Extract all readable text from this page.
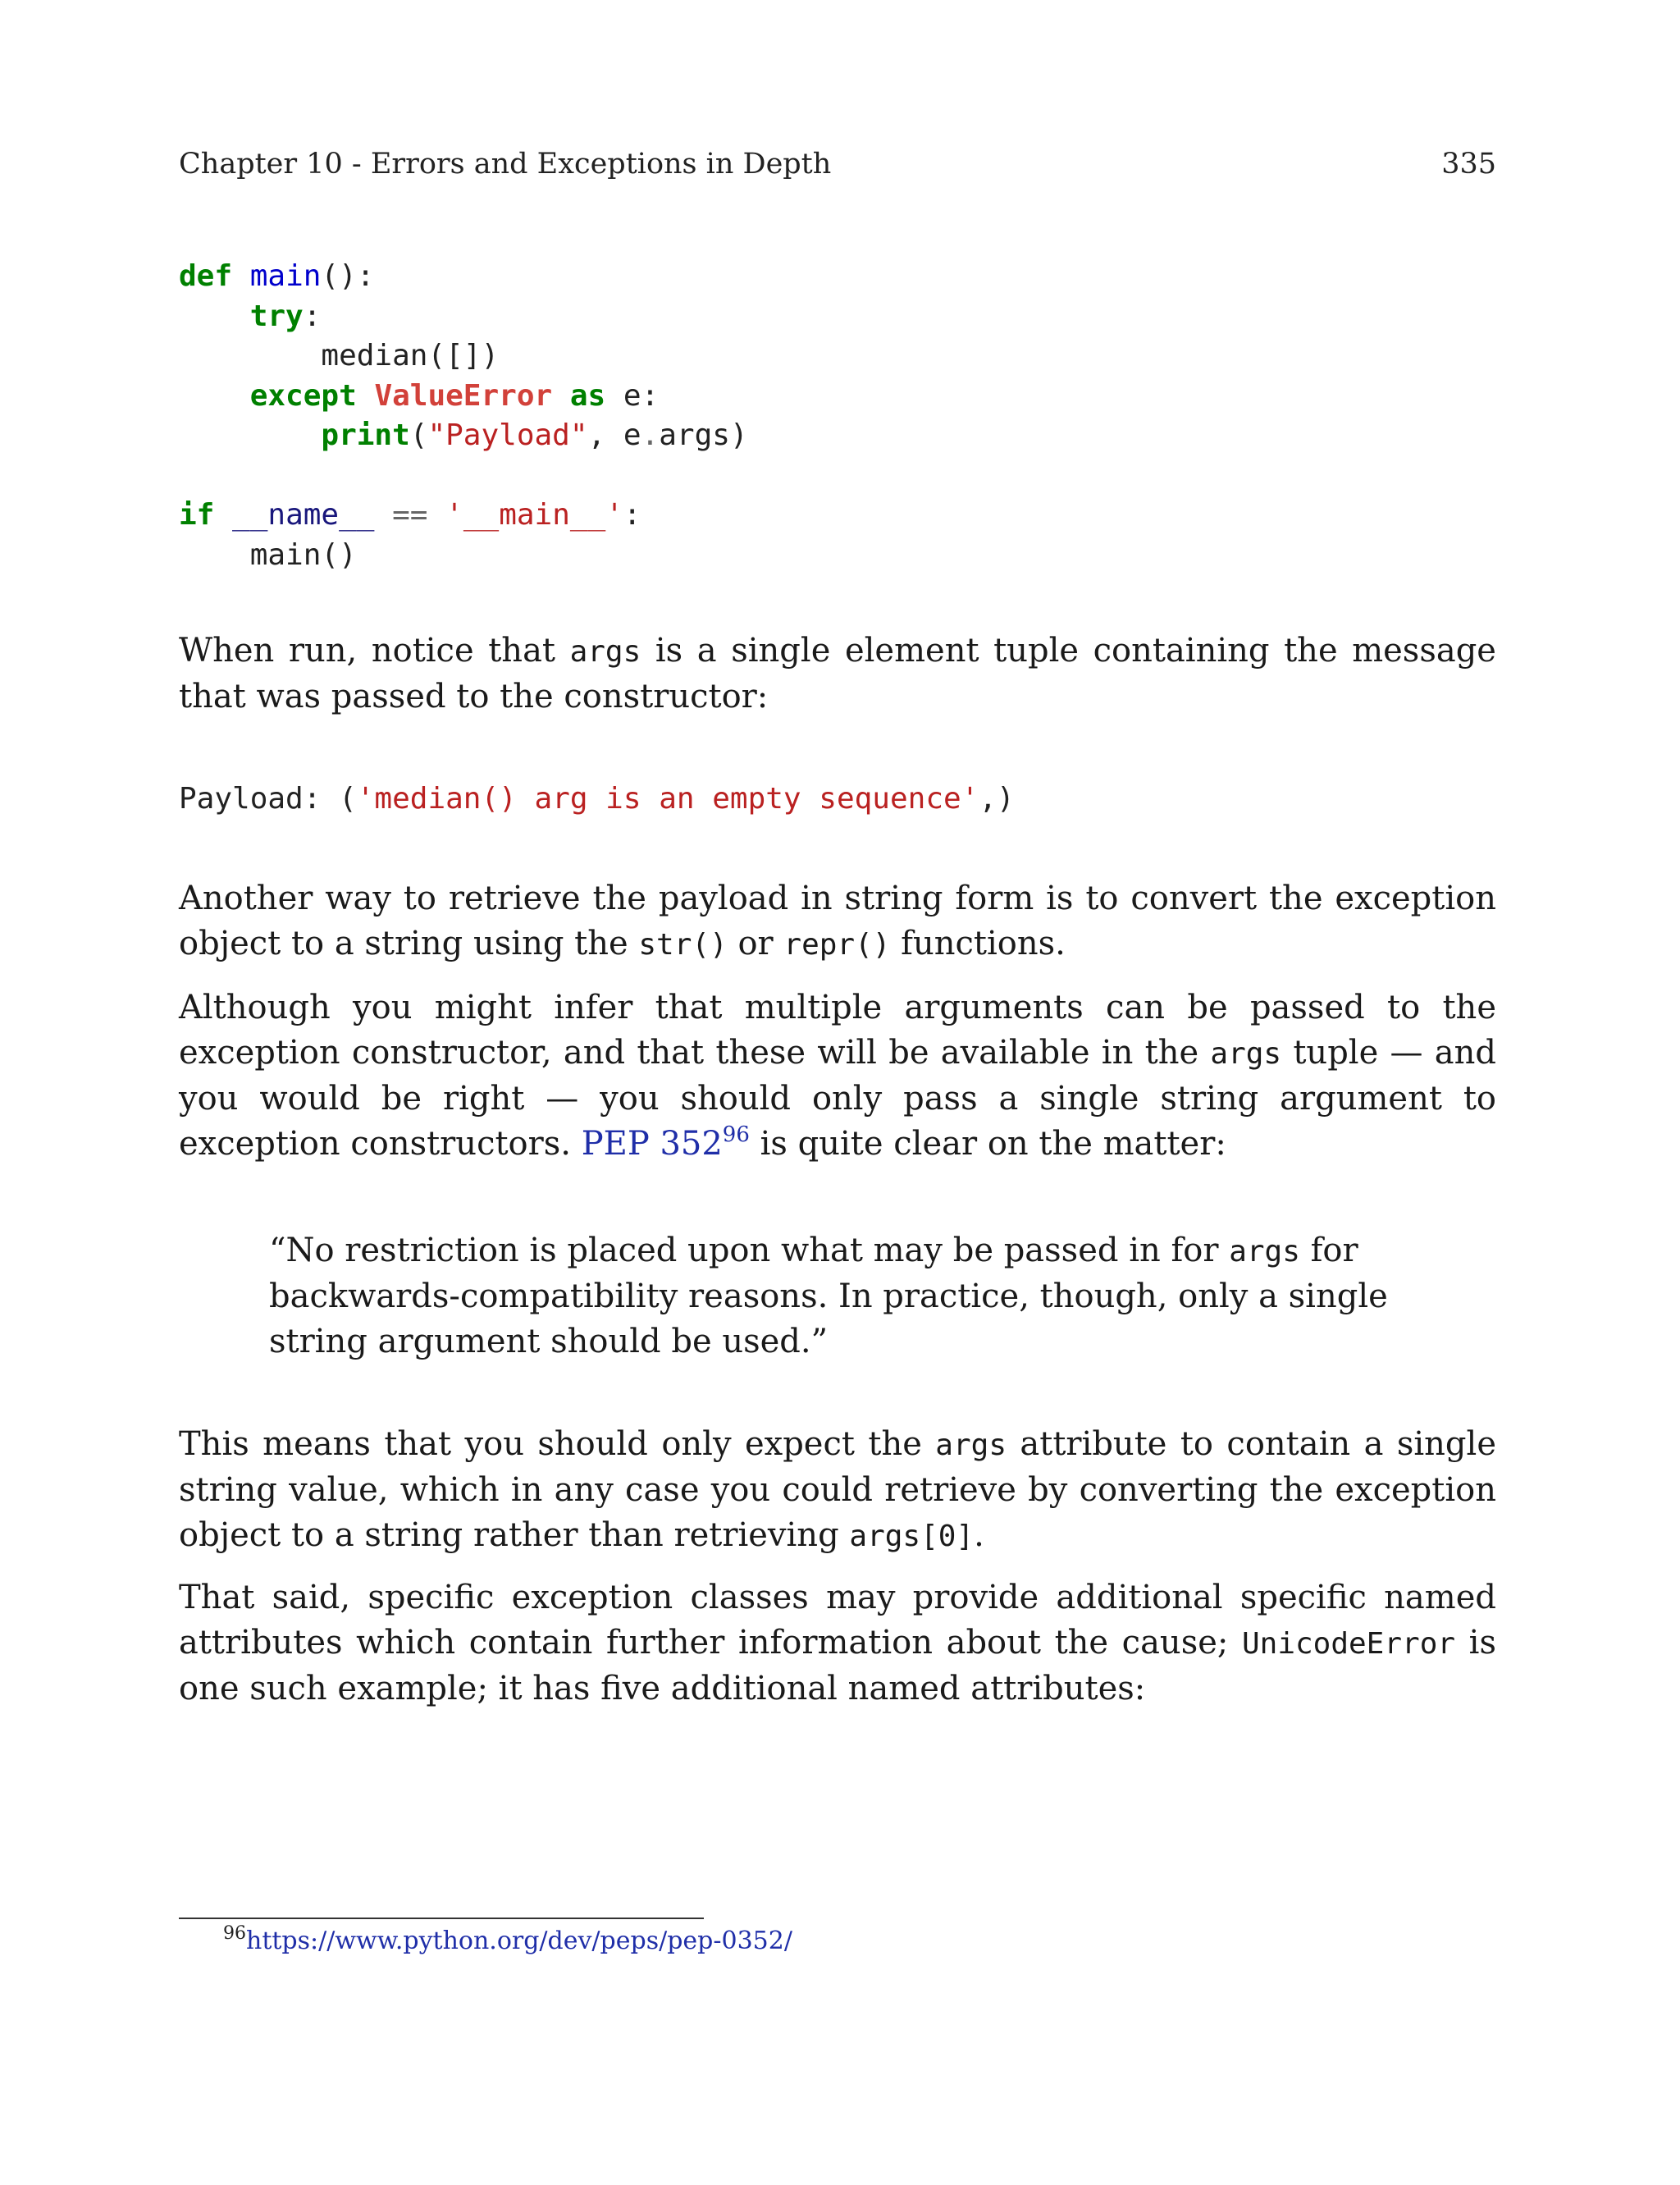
Chapter 10 - Errors and Exceptions in Depth	335
def main():
try:
median([])
except ValueError as e:
print("Payload", e.args)

if __name__ == '__main__':
main()

When run, notice that args is a single element tuple containing the message that was passed to the constructor:

Payload: ('median() arg is an empty sequence',)

Another way to retrieve the payload in string form is to convert the exception object to a string using the str() or repr() functions.

Although you might infer that multiple arguments can be passed to the exception constructor, and that these will be available in the args tuple — and you would be right — you should only pass a single string argument to exception constructors. PEP $352^{96}$ is quite clear on the matter:

“No restriction is placed upon what may be passed in for args for backwards-compatibility reasons. In practice, though, only a single string argument should be used.”

This means that you should only expect the args attribute to contain a single string value, which in any case you could retrieve by converting the exception object to a string rather than retrieving args[0].

That said, specific exception classes may provide additional specific named attributes which contain further information about the cause; UnicodeError is one such example; it has five additional named attributes:

$^{96}$https://www.python.org/dev/peps/pep-0352/
